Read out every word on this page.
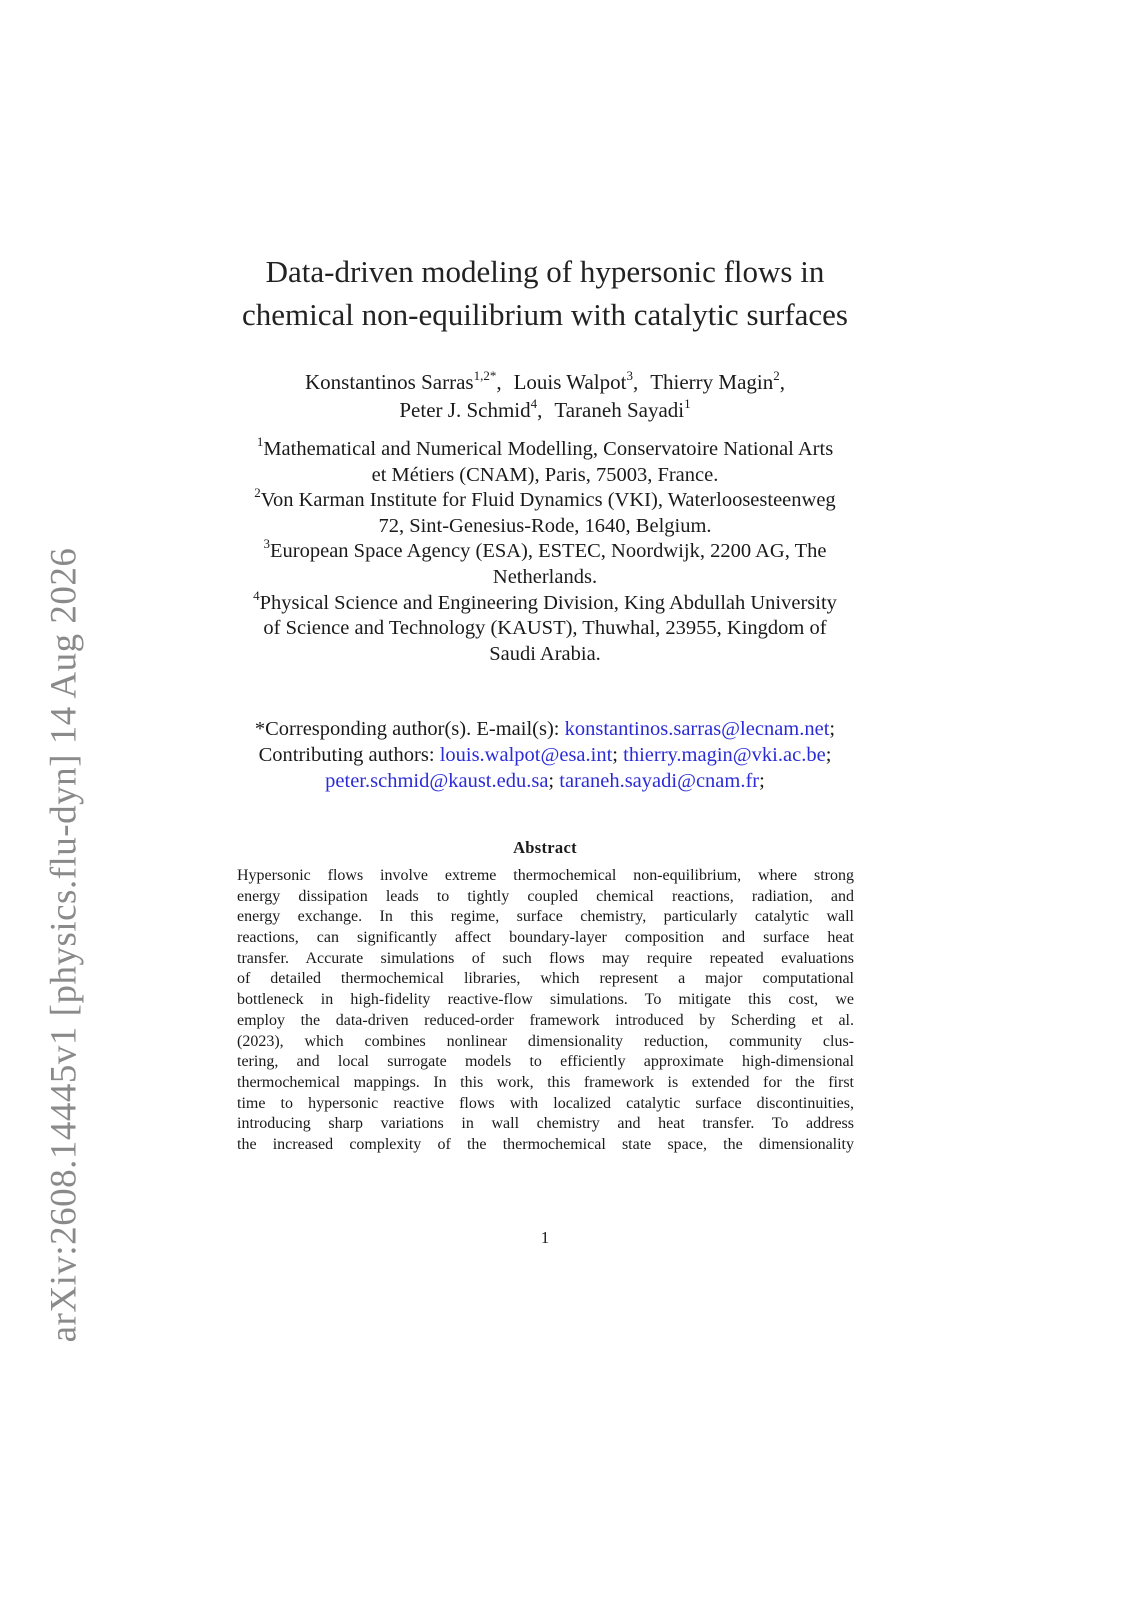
arXiv:2608.14445v1 [physics.flu-dyn] 14 Aug 2026
Data-driven modeling of hypersonic flows in
chemical non-equilibrium with catalytic surfaces
Konstantinos Sarras$^{1,2*}$, Louis Walpot$^3$, Thierry Magin$^2$,
Peter J. Schmid$^4$, Taraneh Sayadi$^1$
$^1$Mathematical and Numerical Modelling, Conservatoire National Arts
et Métiers (CNAM), Paris, 75003, France.
$^2$Von Karman Institute for Fluid Dynamics (VKI), Waterloosesteenweg
72, Sint-Genesius-Rode, 1640, Belgium.
$^3$European Space Agency (ESA), ESTEC, Noordwijk, 2200 AG, The
Netherlands.
$^4$Physical Science and Engineering Division, King Abdullah University
of Science and Technology (KAUST), Thuwhal, 23955, Kingdom of
Saudi Arabia.
*Corresponding author(s). E-mail(s): konstantinos.sarras@lecnam.net;
Contributing authors: louis.walpot@esa.int; thierry.magin@vki.ac.be;
peter.schmid@kaust.edu.sa; taraneh.sayadi@cnam.fr;
Abstract
Hypersonic flows involve extreme thermochemical non-equilibrium, where strong
energy dissipation leads to tightly coupled chemical reactions, radiation, and
energy exchange. In this regime, surface chemistry, particularly catalytic wall
reactions, can significantly affect boundary-layer composition and surface heat
transfer. Accurate simulations of such flows may require repeated evaluations
of detailed thermochemical libraries, which represent a major computational
bottleneck in high-fidelity reactive-flow simulations. To mitigate this cost, we
employ the data-driven reduced-order framework introduced by Scherding et al.
(2023), which combines nonlinear dimensionality reduction, community clus-
tering, and local surrogate models to efficiently approximate high-dimensional
thermochemical mappings. In this work, this framework is extended for the first
time to hypersonic reactive flows with localized catalytic surface discontinuities,
introducing sharp variations in wall chemistry and heat transfer. To address
the increased complexity of the thermochemical state space, the dimensionality
1
